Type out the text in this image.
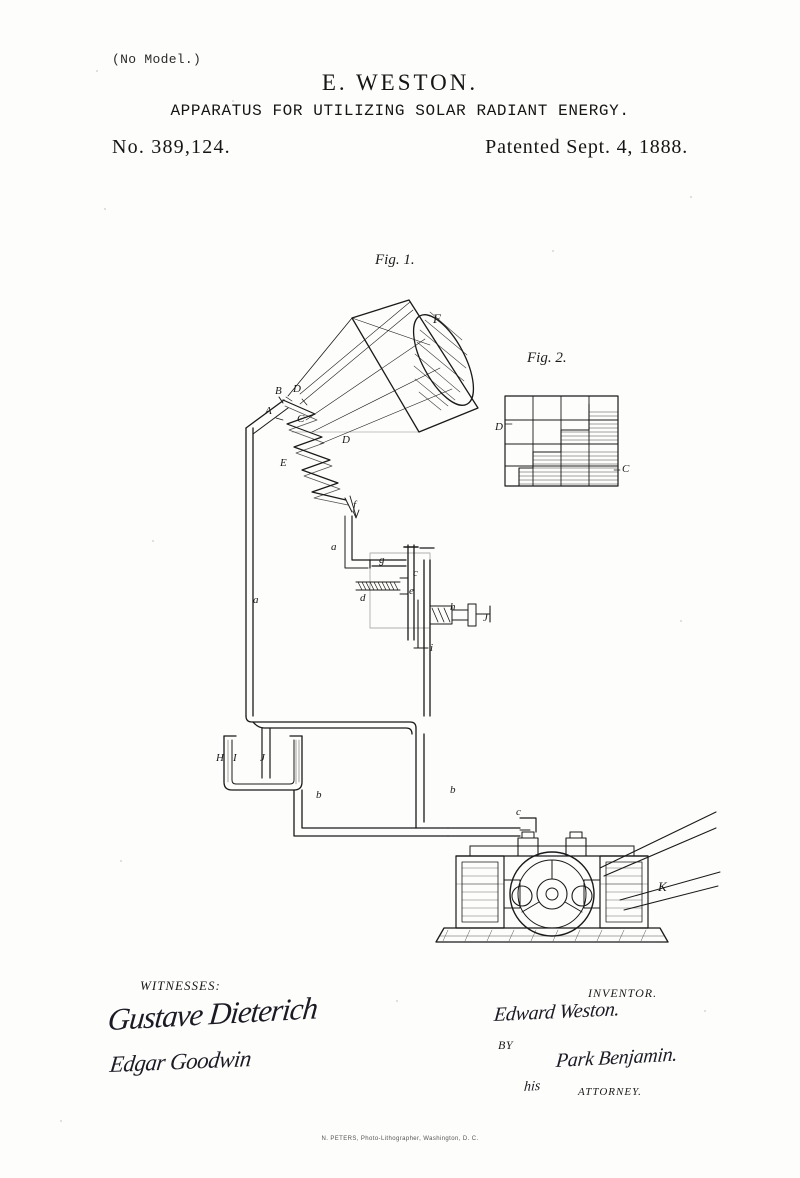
(No Model.)
E. WESTON.
APPARATUS FOR UTILIZING SOLAR RADIANT ENERGY.
No. 389,124.	Patented Sept. 4, 1888.
Fig. 1.
Fig. 2.
F
B D
A
C
D
E
f
a
g
c
d
e
h
J
i
a
H I J
b	b
c
K
D
C
WITNESSES:
Gustave Dieterich
Edgar Goodwin
INVENTOR.
Edward Weston.
BY Park Benjamin.
his	ATTORNEY.
N. PETERS, Photo-Lithographer, Washington, D. C.
